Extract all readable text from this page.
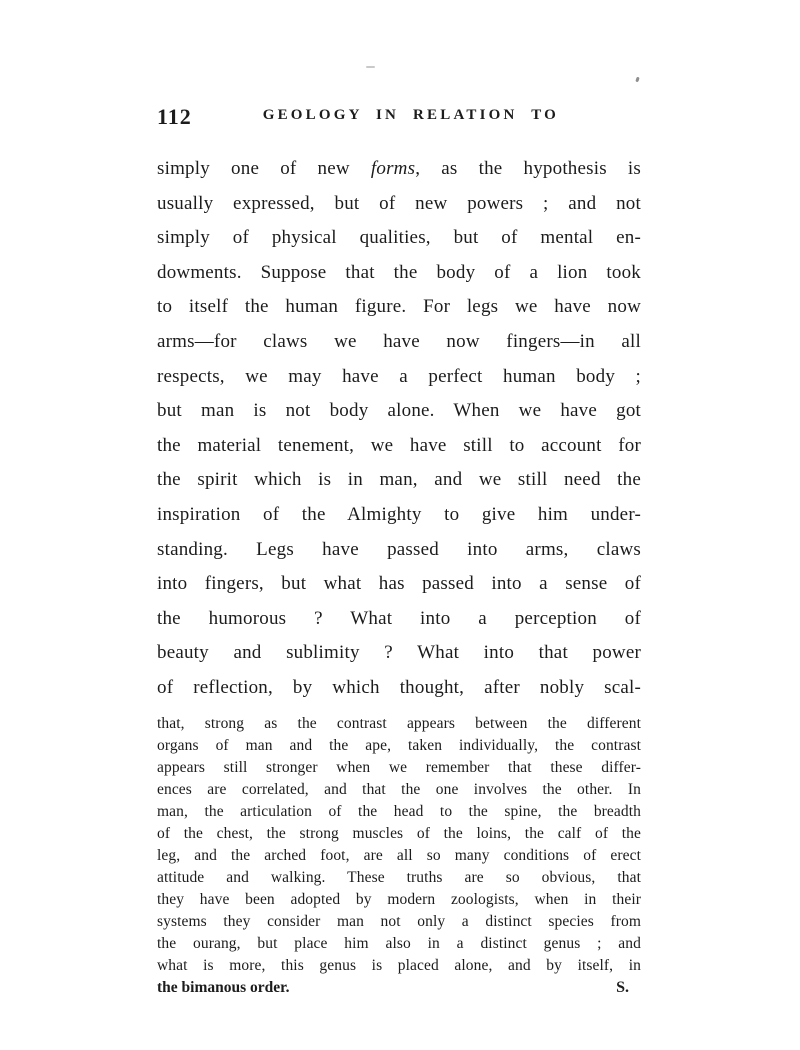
112	GEOLOGY IN RELATION TO
simply one of new forms, as the hypothesis is
usually expressed, but of new powers ; and not
simply of physical qualities, but of mental en-
dowments. Suppose that the body of a lion took
to itself the human figure. For legs we have now
arms—for claws we have now fingers—in all
respects, we may have a perfect human body ;
but man is not body alone. When we have got
the material tenement, we have still to account for
the spirit which is in man, and we still need the
inspiration of the Almighty to give him under-
standing. Legs have passed into arms, claws
into fingers, but what has passed into a sense of
the humorous ? What into a perception of
beauty and sublimity ? What into that power
of reflection, by which thought, after nobly scal-
that, strong as the contrast appears between the different
organs of man and the ape, taken individually, the contrast
appears still stronger when we remember that these differ-
ences are correlated, and that the one involves the other. In
man, the articulation of the head to the spine, the breadth
of the chest, the strong muscles of the loins, the calf of the
leg, and the arched foot, are all so many conditions of erect
attitude and walking. These truths are so obvious, that
they have been adopted by modern zoologists, when in their
systems they consider man not only a distinct species from
the ourang, but place him also in a distinct genus ; and
what is more, this genus is placed alone, and by itself, in
the bimanous order.	S.
